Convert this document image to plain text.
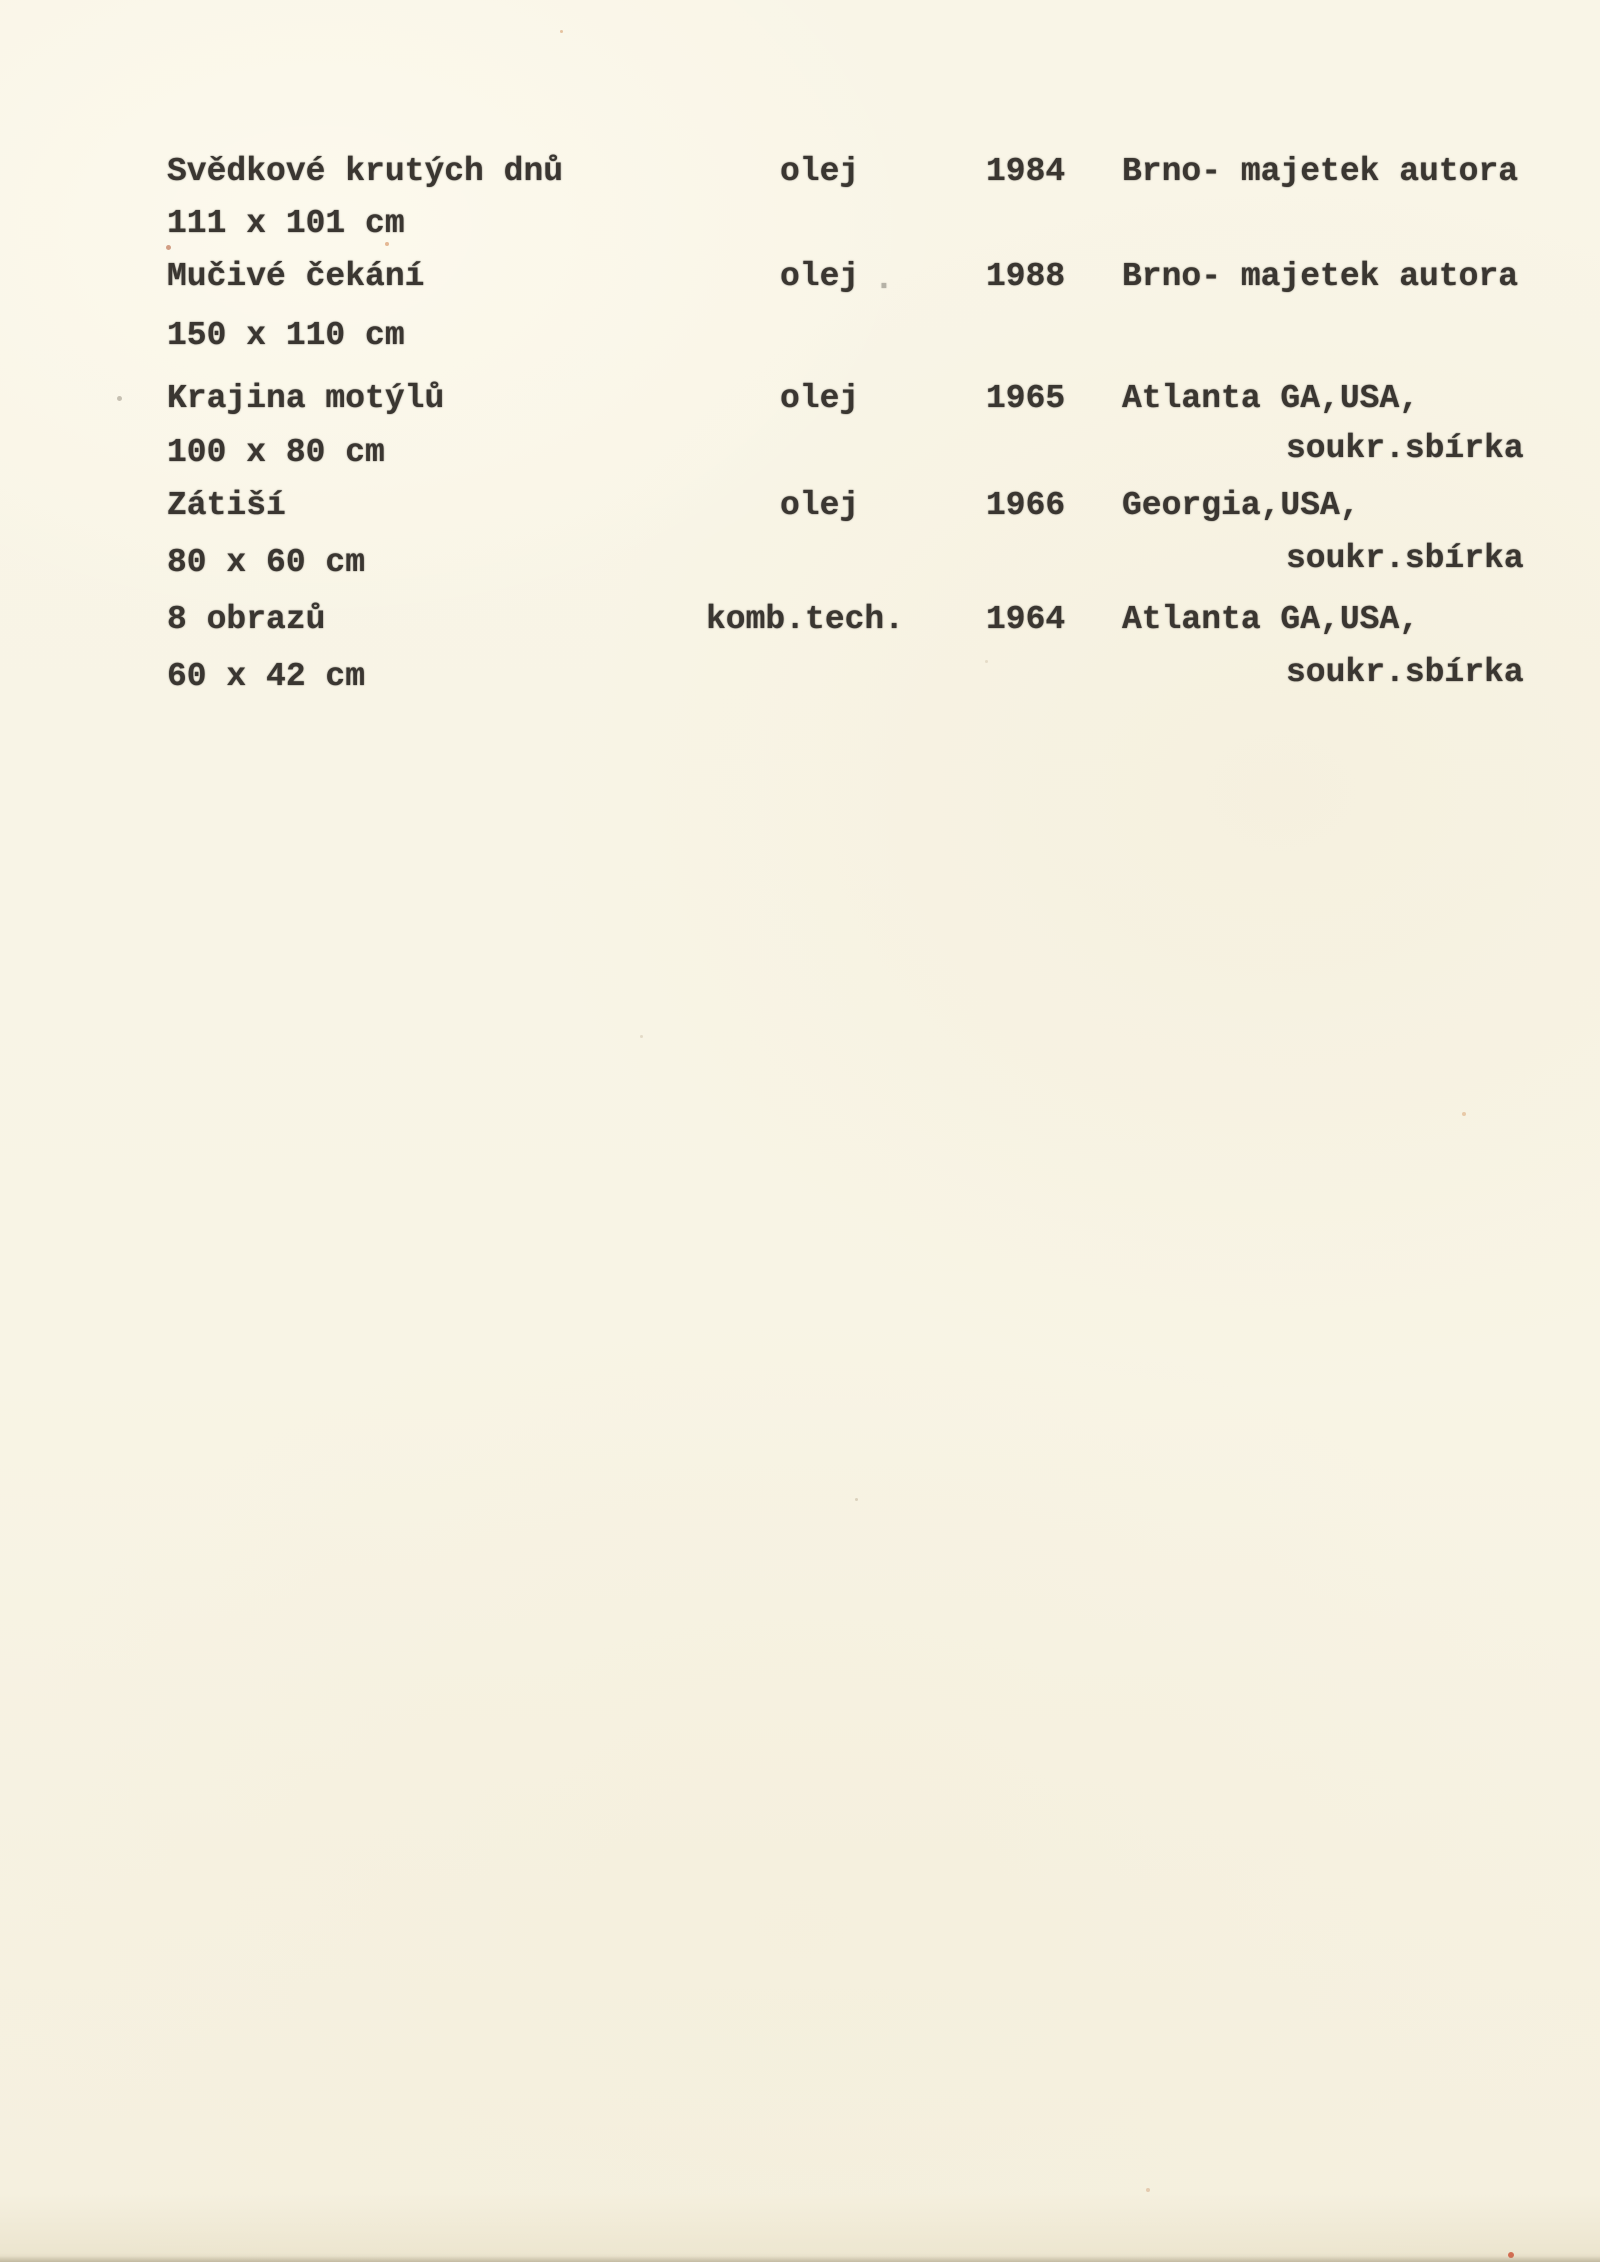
Svědkové krutých dnů	olej	1984 Brno- majetek autora
111 x 101 cm
Mučivé čekání	olej .	1988 Brno- majetek autora
150 x 110 cm
Krajina motýlů	olej	1965 Atlanta GA,USA,
100 x 80 cm	soukr.sbírka
Zátiší	olej	1966 Georgia,USA,
80 x 60 cm	soukr.sbírka
8 obrazů	komb.tech. 1964 Atlanta GA,USA,
60 x 42 cm	soukr.sbírka
